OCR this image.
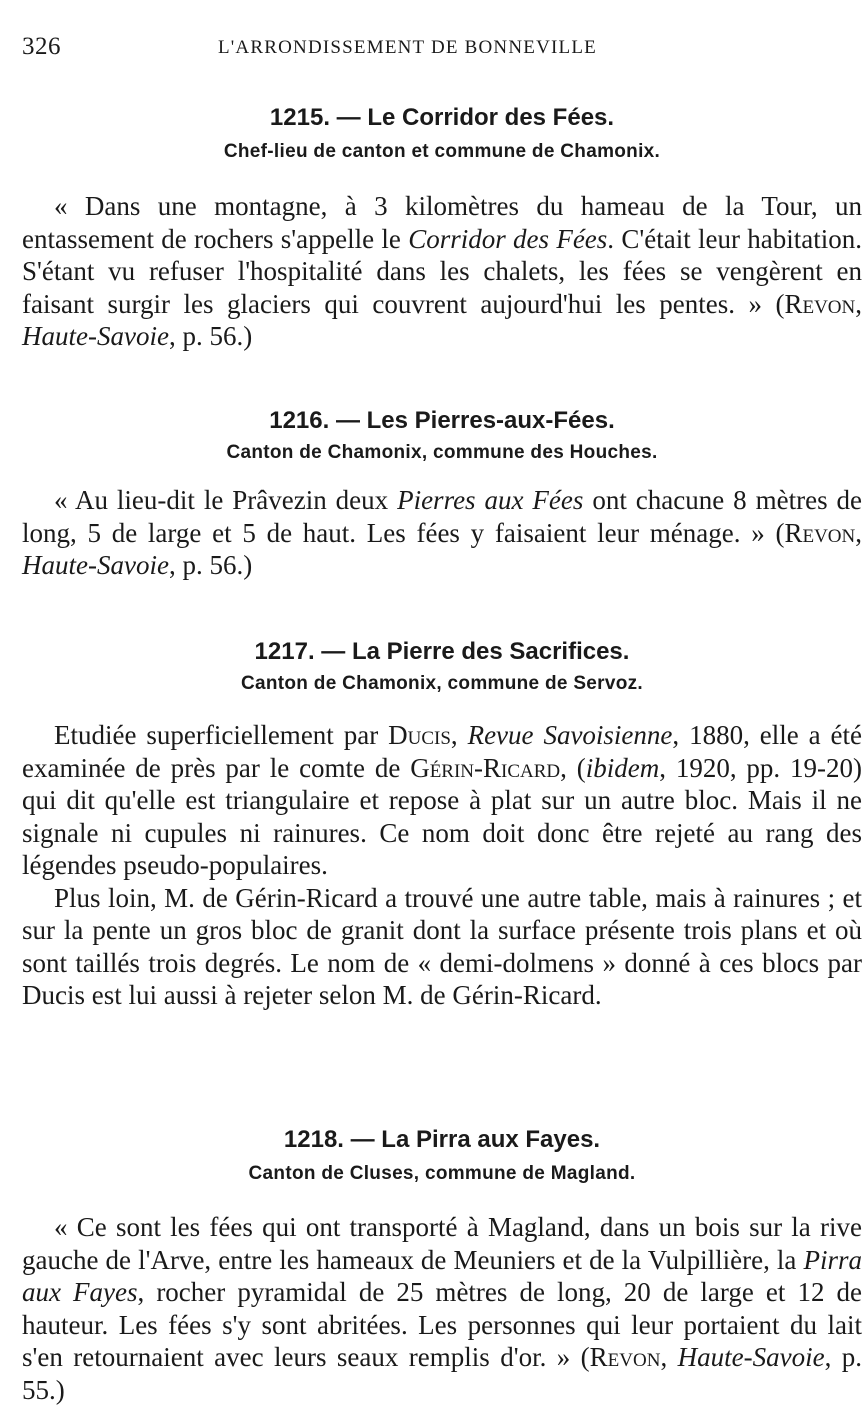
326	L'ARRONDISSEMENT DE BONNEVILLE

1215. — Le Corridor des Fées.

Chef-lieu de canton et commune de Chamonix.

« Dans une montagne, à 3 kilomètres du hameau de la Tour, un entassement de rochers s'appelle le Corridor des Fées. C'était leur habitation. S'étant vu refuser l'hospitalité dans les chalets, les fées se vengèrent en faisant surgir les glaciers qui couvrent aujourd'hui les pentes. » (Revon, Haute-Savoie, p. 56.)

1216. — Les Pierres-aux-Fées.

Canton de Chamonix, commune des Houches.

« Au lieu-dit le Prâvezin deux Pierres aux Fées ont chacune 8 mètres de long, 5 de large et 5 de haut. Les fées y faisaient leur ménage. » (Revon, Haute-Savoie, p. 56.)

1217. — La Pierre des Sacrifices.

Canton de Chamonix, commune de Servoz.

Etudiée superficiellement par Ducis, Revue Savoisienne, 1880, elle a été examinée de près par le comte de Gérin-Ricard, (ibidem, 1920, pp. 19-20) qui dit qu'elle est triangulaire et repose à plat sur un autre bloc. Mais il ne signale ni cupules ni rainures. Ce nom doit donc être rejeté au rang des légendes pseudo-populaires.

Plus loin, M. de Gérin-Ricard a trouvé une autre table, mais à rainures ; et sur la pente un gros bloc de granit dont la surface présente trois plans et où sont taillés trois degrés. Le nom de « demi-dolmens » donné à ces blocs par Ducis est lui aussi à rejeter selon M. de Gérin-Ricard.

1218. — La Pirra aux Fayes.

Canton de Cluses, commune de Magland.

« Ce sont les fées qui ont transporté à Magland, dans un bois sur la rive gauche de l'Arve, entre les hameaux de Meuniers et de la Vulpillière, la Pirra aux Fayes, rocher pyramidal de 25 mètres de long, 20 de large et 12 de hauteur. Les fées s'y sont abritées. Les personnes qui leur portaient du lait s'en retournaient avec leurs seaux remplis d'or. » (Revon, Haute-Savoie, p. 55.)
